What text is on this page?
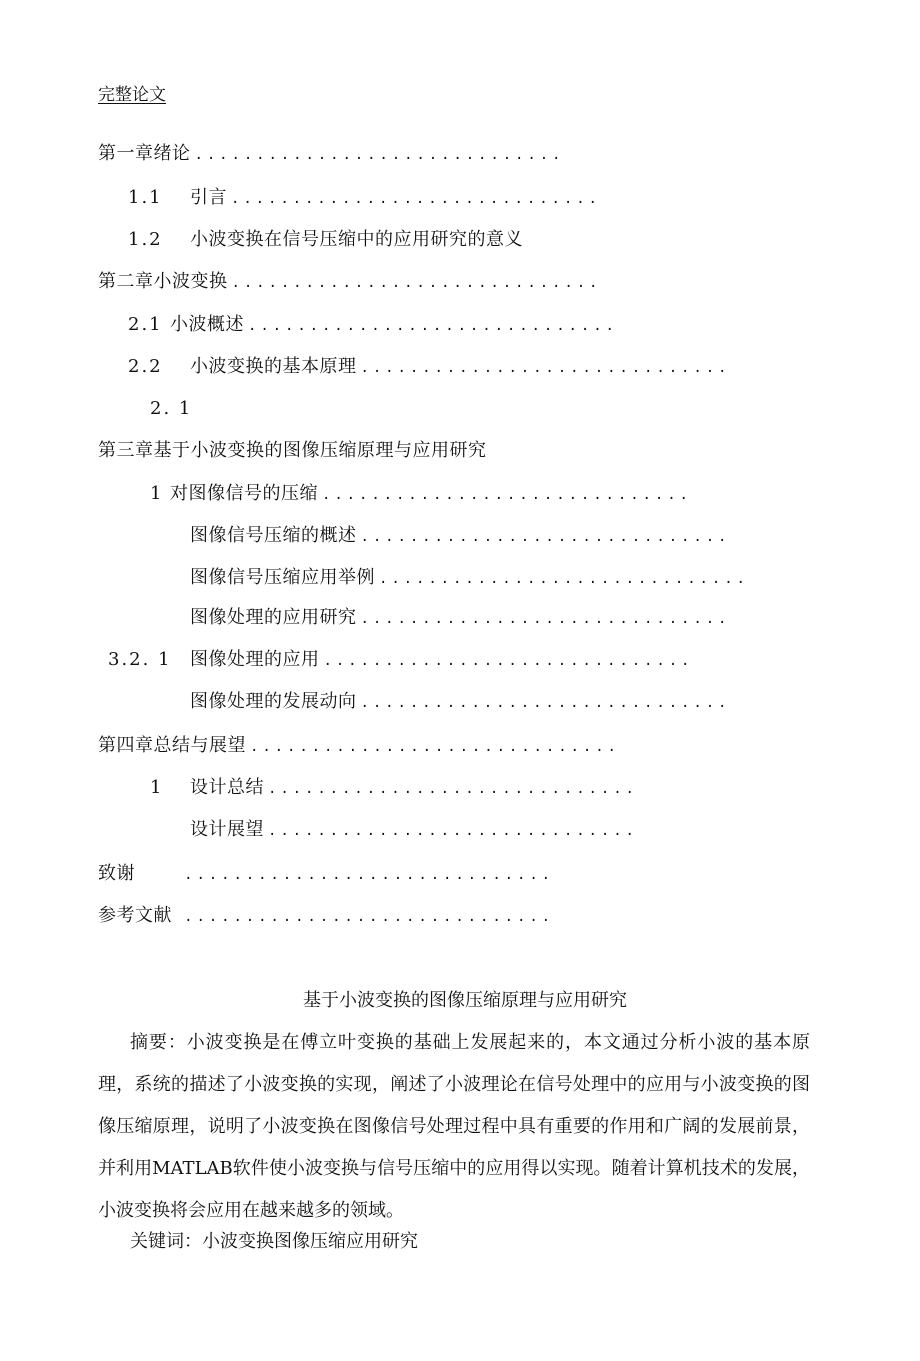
完整论文
第一章绪论 ..............................
1.1 引言 ..............................
1.2 小波变换在信号压缩中的应用研究的意义
第二章小波变换 ..............................
2.1 小波概述 ..............................
2.2 小波变换的基本原理 ..............................
2. 1
第三章基于小波变换的图像压缩原理与应用研究
1 对图像信号的压缩 ..............................
图像信号压缩的概述 ..............................
图像信号压缩应用举例 ..............................
图像处理的应用研究 ..............................
3.2. 1 图像处理的应用 ..............................
图像处理的发展动向 ..............................
第四章总结与展望 ..............................
1 设计总结 ..............................
设计展望 ..............................
致谢	..............................
参考文献 ..............................
基于小波变换的图像压缩原理与应用研究
摘要：小波变换是在傅立叶变换的基础上发展起来的，本文通过分析小波的基本原理，系统的描述了小波变换的实现，阐述了小波理论在信号处理中的应用与小波变换的图像压缩原理，说明了小波变换在图像信号处理过程中具有重要的作用和广阔的发展前景，并利用MATLAB软件使小波变换与信号压缩中的应用得以实现。随着计算机技术的发展，小波变换将会应用在越来越多的领域。
关键词：小波变换图像压缩应用研究
